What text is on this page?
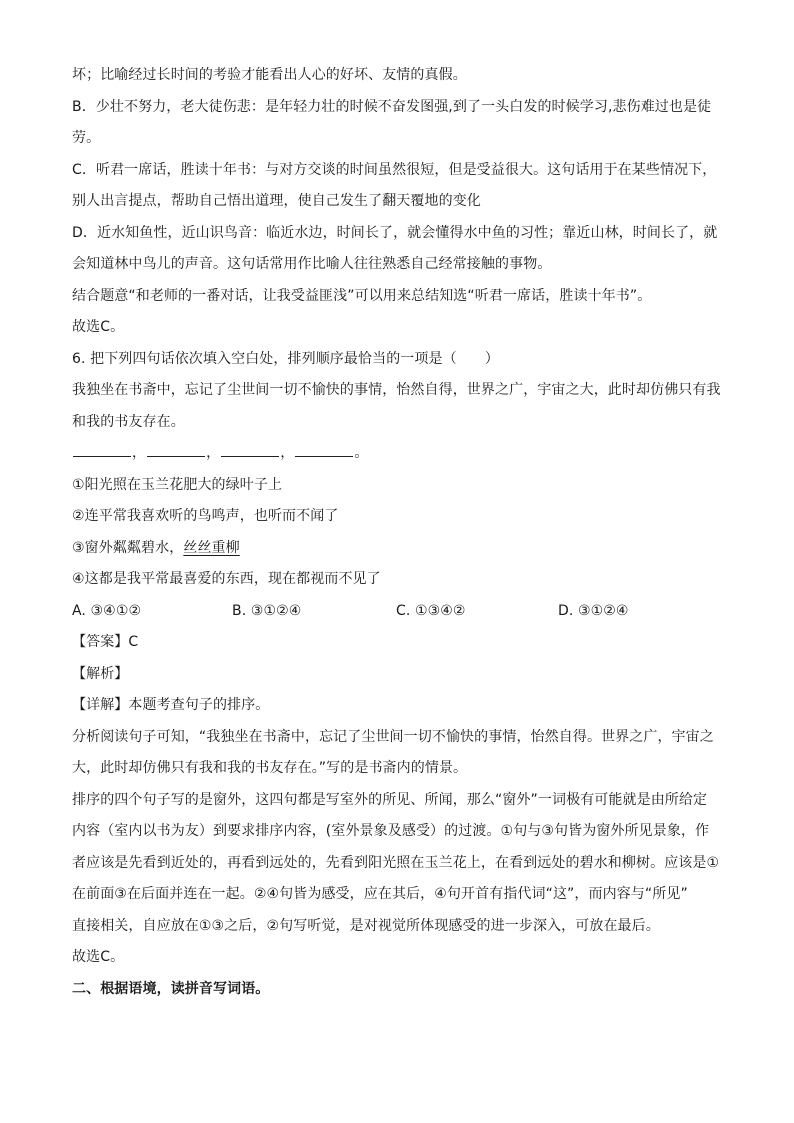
坏；比喻经过长时间的考验才能看出人心的好坏、友情的真假。
B．少壮不努力，老大徒伤悲：是年轻力壮的时候不奋发图强,到了一头白发的时候学习,悲伤难过也是徒
劳。
C．听君一席话，胜读十年书：与对方交谈的时间虽然很短，但是受益很大。这句话用于在某些情况下，
别人出言提点，帮助自己悟出道理，使自己发生了翻天覆地的变化
D．近水知鱼性，近山识鸟音：临近水边，时间长了，就会懂得水中鱼的习性；靠近山林，时间长了，就
会知道林中鸟儿的声音。这句话常用作比喻人往往熟悉自己经常接触的事物。
结合题意“和老师的一番对话，让我受益匪浅”可以用来总结知选“听君一席话，胜读十年书”。
故选C。
6. 把下列四句话依次填入空白处，排列顺序最恰当的一项是（　　）
我独坐在书斋中，忘记了尘世间一切不愉快的事情，怡然自得，世界之广，宇宙之大，此时却仿佛只有我
和我的书友存在。
，	，	，	。
①阳光照在玉兰花肥大的绿叶子上
②连平常我喜欢听的鸟鸣声，也听而不闻了
③窗外粼粼碧水，丝丝重柳
④这都是我平常最喜爱的东西，现在都视而不见了
A. ③④①②	B. ③①②④	C. ①③④②	D. ③①②④
【答案】C
【解析】
【详解】本题考查句子的排序。
分析阅读句子可知，“我独坐在书斋中，忘记了尘世间一切不愉快的事情，怡然自得。世界之广，宇宙之
大，此时却仿佛只有我和我的书友存在。”写的是书斋内的情景。
排序的四个句子写的是窗外，这四句都是写室外的所见、所闻，那么“窗外”一词极有可能就是由所给定
内容（室内以书为友）到要求排序内容，(室外景象及感受）的过渡。①句与③句皆为窗外所见景象，作
者应该是先看到近处的，再看到远处的，先看到阳光照在玉兰花上，在看到远处的碧水和柳树。应该是①
在前面③在后面并连在一起。②④句皆为感受，应在其后，④句开首有指代词“这”，而内容与“所见”
直接相关，自应放在①③之后，②句写听觉，是对视觉所体现感受的进一步深入，可放在最后。
故选C。
二、根据语境，读拼音写词语。
